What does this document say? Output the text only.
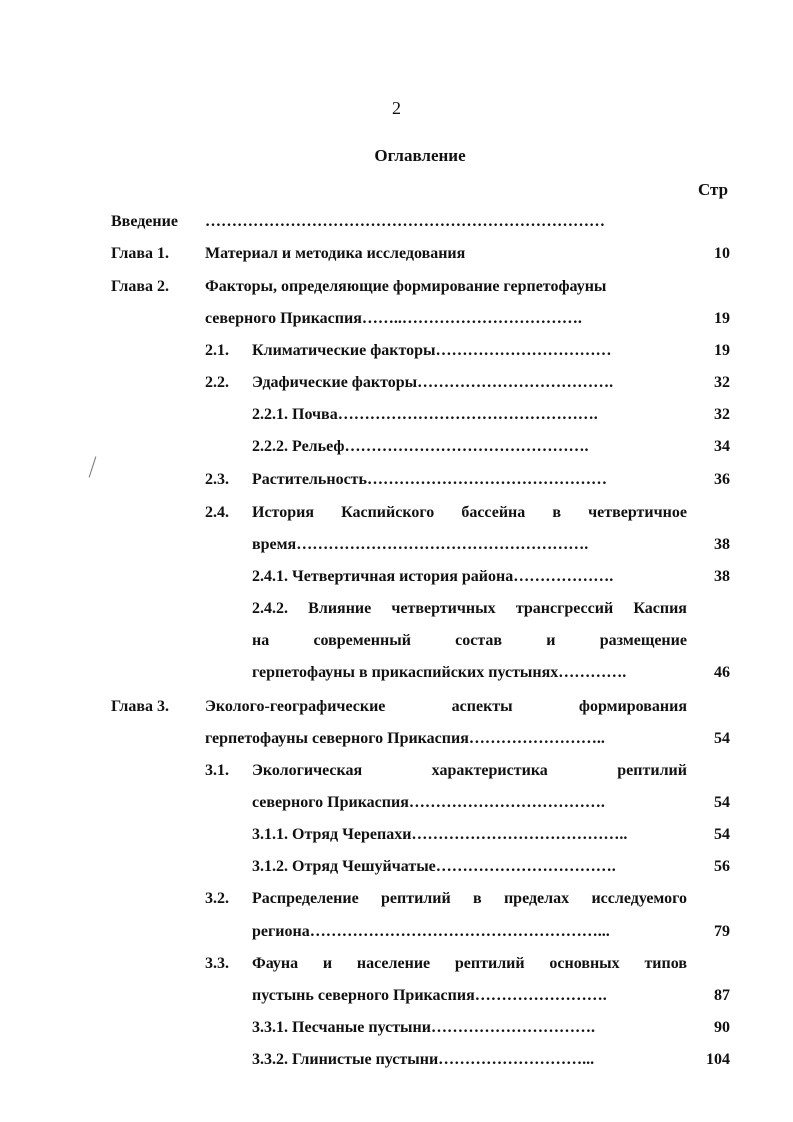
2
Оглавление
Стр
Введение …………………………………………………………………
Глава 1. Материал и методика исследования	10
Глава 2. Факторы, определяющие формирование герпетофауны
северного Прикаспия……..…………………………….	19
2.1. Климатические факторы……………………………	19
2.2. Эдафические факторы……………………………….	32
2.2.1. Почва………………………………………….	32
2.2.2. Рельеф……………………………………….	34
2.3. Растительность………………………………………	36
2.4. История Каспийского бассейна в четвертичное
время……………………………………………….	38
2.4.1. Четвертичная история района……………….	38
2.4.2. Влияние четвертичных трансгрессий Каспия
на	современный	состав	и	размещение
герпетофауны в прикаспийских пустынях………….	46
Глава 3. Эколого-географические	аспекты	формирования
герпетофауны северного Прикаспия……………………..	54
3.1. Экологическая	характеристика	рептилий
северного Прикаспия……………………………….	54
3.1.1. Отряд Черепахи…………………………………..	54
3.1.2. Отряд Чешуйчатые…………………………….	56
3.2. Распределение рептилий в пределах исследуемого
региона………………………………………………...	79
3.3. Фауна и население рептилий основных типов
пустынь северного Прикаспия…………………….	87
3.3.1. Песчаные пустыни………………………….	90
3.3.2. Глинистые пустыни………………………...	104
